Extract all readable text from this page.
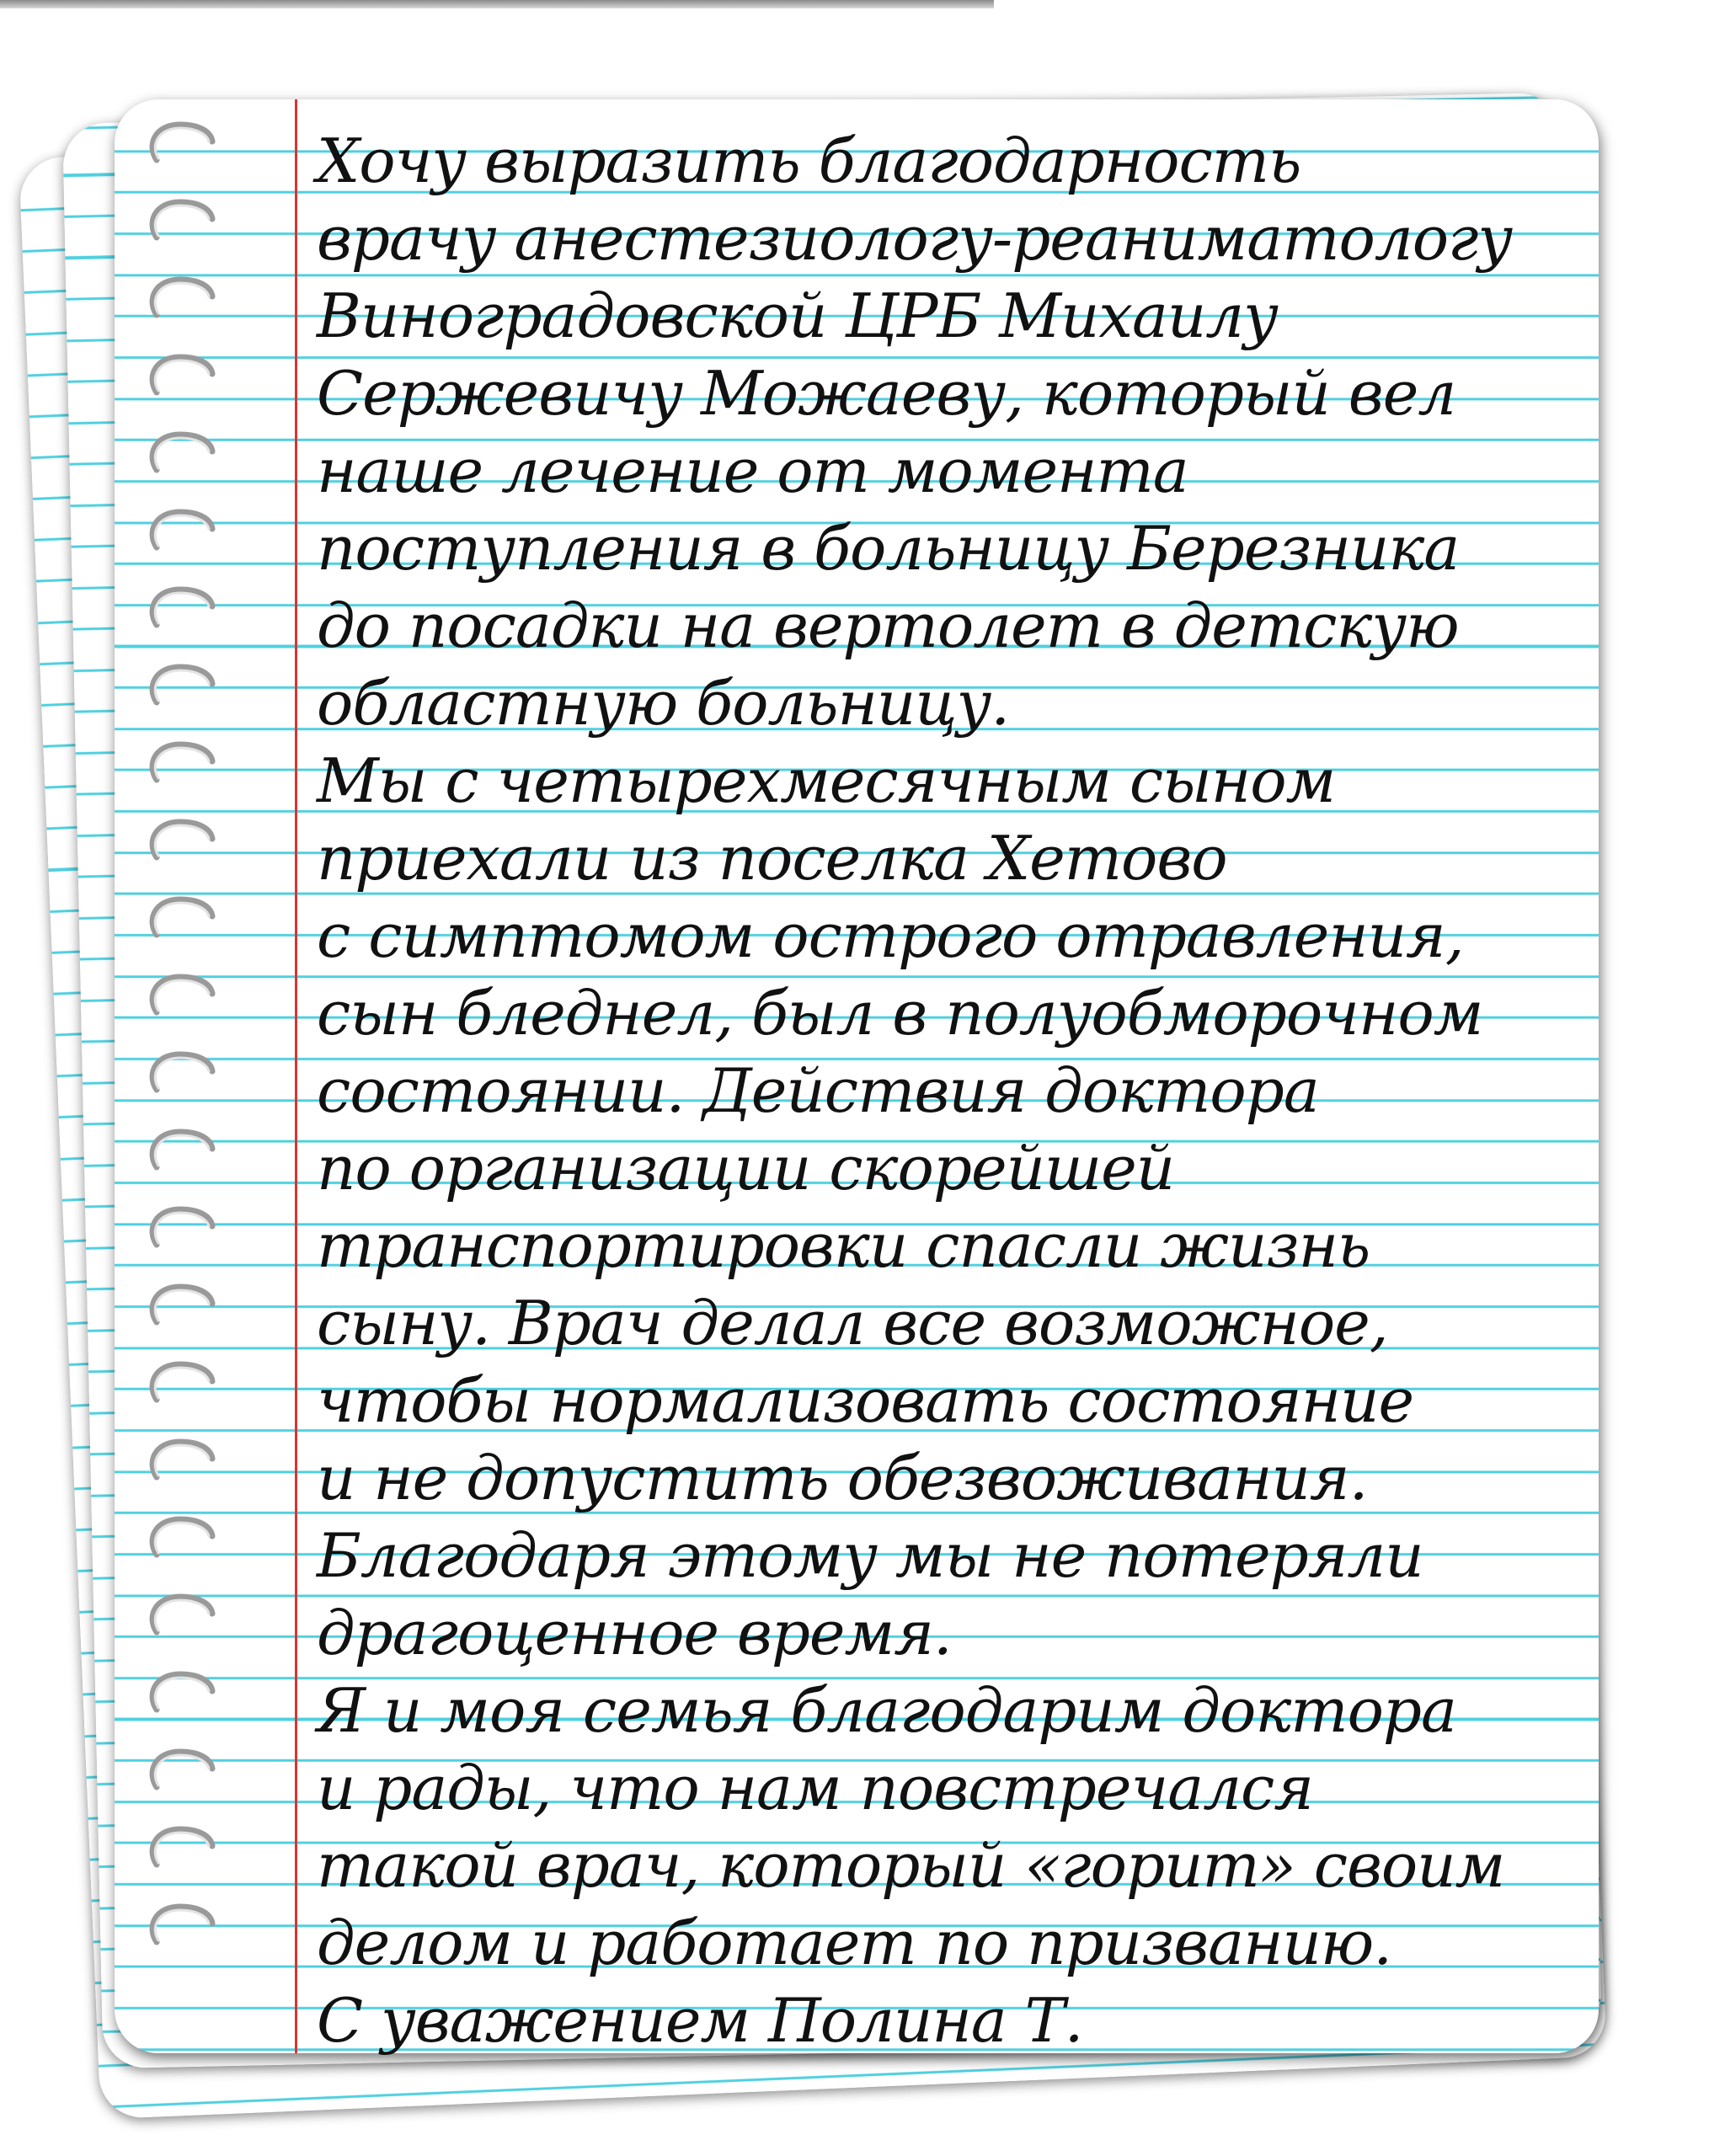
Хочу выразить благодарность
врачу анестезиологу-реаниматологу
Виноградовской ЦРБ Михаилу
Сержевичу Можаеву, который вел
наше лечение от момента
поступления в больницу Березника
до посадки на вертолет в детскую
областную больницу.
Мы с четырехмесячным сыном
приехали из поселка Хетово
с симптомом острого отравления,
сын бледнел, был в полуобморочном
состоянии. Действия доктора
по организации скорейшей
транспортировки спасли жизнь
сыну. Врач делал все возможное,
чтобы нормализовать состояние
и не допустить обезвоживания.
Благодаря этому мы не потеряли
драгоценное время.
Я и моя семья благодарим доктора
и рады, что нам повстречался
такой врач, который «горит» своим
делом и работает по призванию.
С уважением Полина Т.
